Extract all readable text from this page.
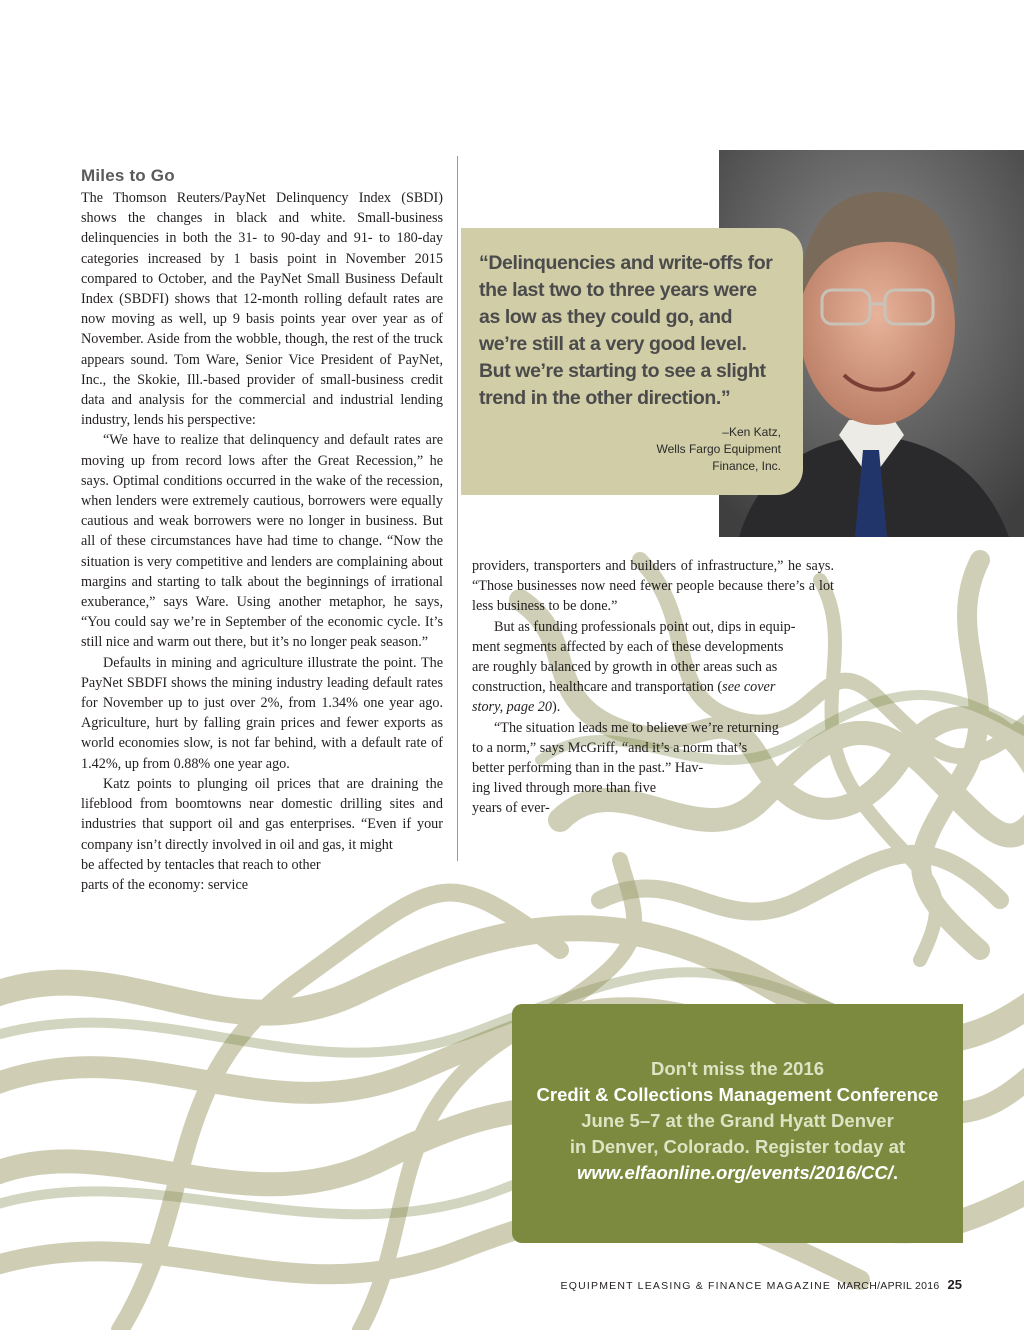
Miles to Go

The Thomson Reuters/PayNet Delinquency Index (SBDI) shows the changes in black and white. Small-business delinquencies in both the 31- to 90-day and 91- to 180-day categories increased by 1 basis point in November 2015 compared to October, and the PayNet Small Business Default Index (SBDFI) shows that 12-month rolling default rates are now moving as well, up 9 basis points year over year as of November. Aside from the wobble, though, the rest of the truck appears sound. Tom Ware, Senior Vice President of PayNet, Inc., the Skokie, Ill.-based provider of small-business credit data and analysis for the commercial and industrial lending industry, lends his perspective:

“We have to realize that delinquency and default rates are moving up from record lows after the Great Recession,” he says. Optimal conditions occurred in the wake of the recession, when lenders were extremely cautious, borrowers were equally cautious and weak borrowers were no longer in business. But all of these circumstances have had time to change. “Now the situation is very competitive and lenders are complaining about margins and starting to talk about the beginnings of irrational exuberance,” says Ware. Using another metaphor, he says, “You could say we’re in September of the economic cycle. It’s still nice and warm out there, but it’s no longer peak season.”

Defaults in mining and agriculture illustrate the point. The PayNet SBDFI shows the mining industry leading default rates for November up to just over 2%, from 1.34% one year ago. Agriculture, hurt by falling grain prices and fewer exports as world economies slow, is not far behind, with a default rate of 1.42%, up from 0.88% one year ago.

Katz points to plunging oil prices that are draining the lifeblood from boomtowns near domestic drilling sites and industries that support oil and gas enterprises. “Even if your company isn’t directly involved in oil and gas, it might

be affected by tentacles that reach to other
parts of the economy: service

“Delinquencies and write-offs for the last two to three years were as low as they could go, and we’re still at a very good level. But we’re starting to see a slight trend in the other direction.”

–Ken Katz,
Wells Fargo Equipment
Finance, Inc.

providers, transporters and builders of infrastructure,” he says. “Those businesses now need fewer people because there’s a lot less business to be done.”

But as funding professionals point out, dips in equip-
ment segments affected by each of these developments
are roughly balanced by growth in other areas such as
construction, healthcare and transportation (see cover
story, page 20).
“The situation leads me to believe we’re returning
to a norm,” says McGriff, “and it’s a norm that’s
better performing than in the past.” Hav-
ing lived through more than five
years of ever-
Don't miss the 2016
Credit & Collections Management Conference
June 5–7 at the Grand Hyatt Denver
in Denver, Colorado. Register today at
www.elfaonline.org/events/2016/CC/.
EQUIPMENT LEASING & FINANCE MAGAZINE MARCH/APRIL 2016 25
